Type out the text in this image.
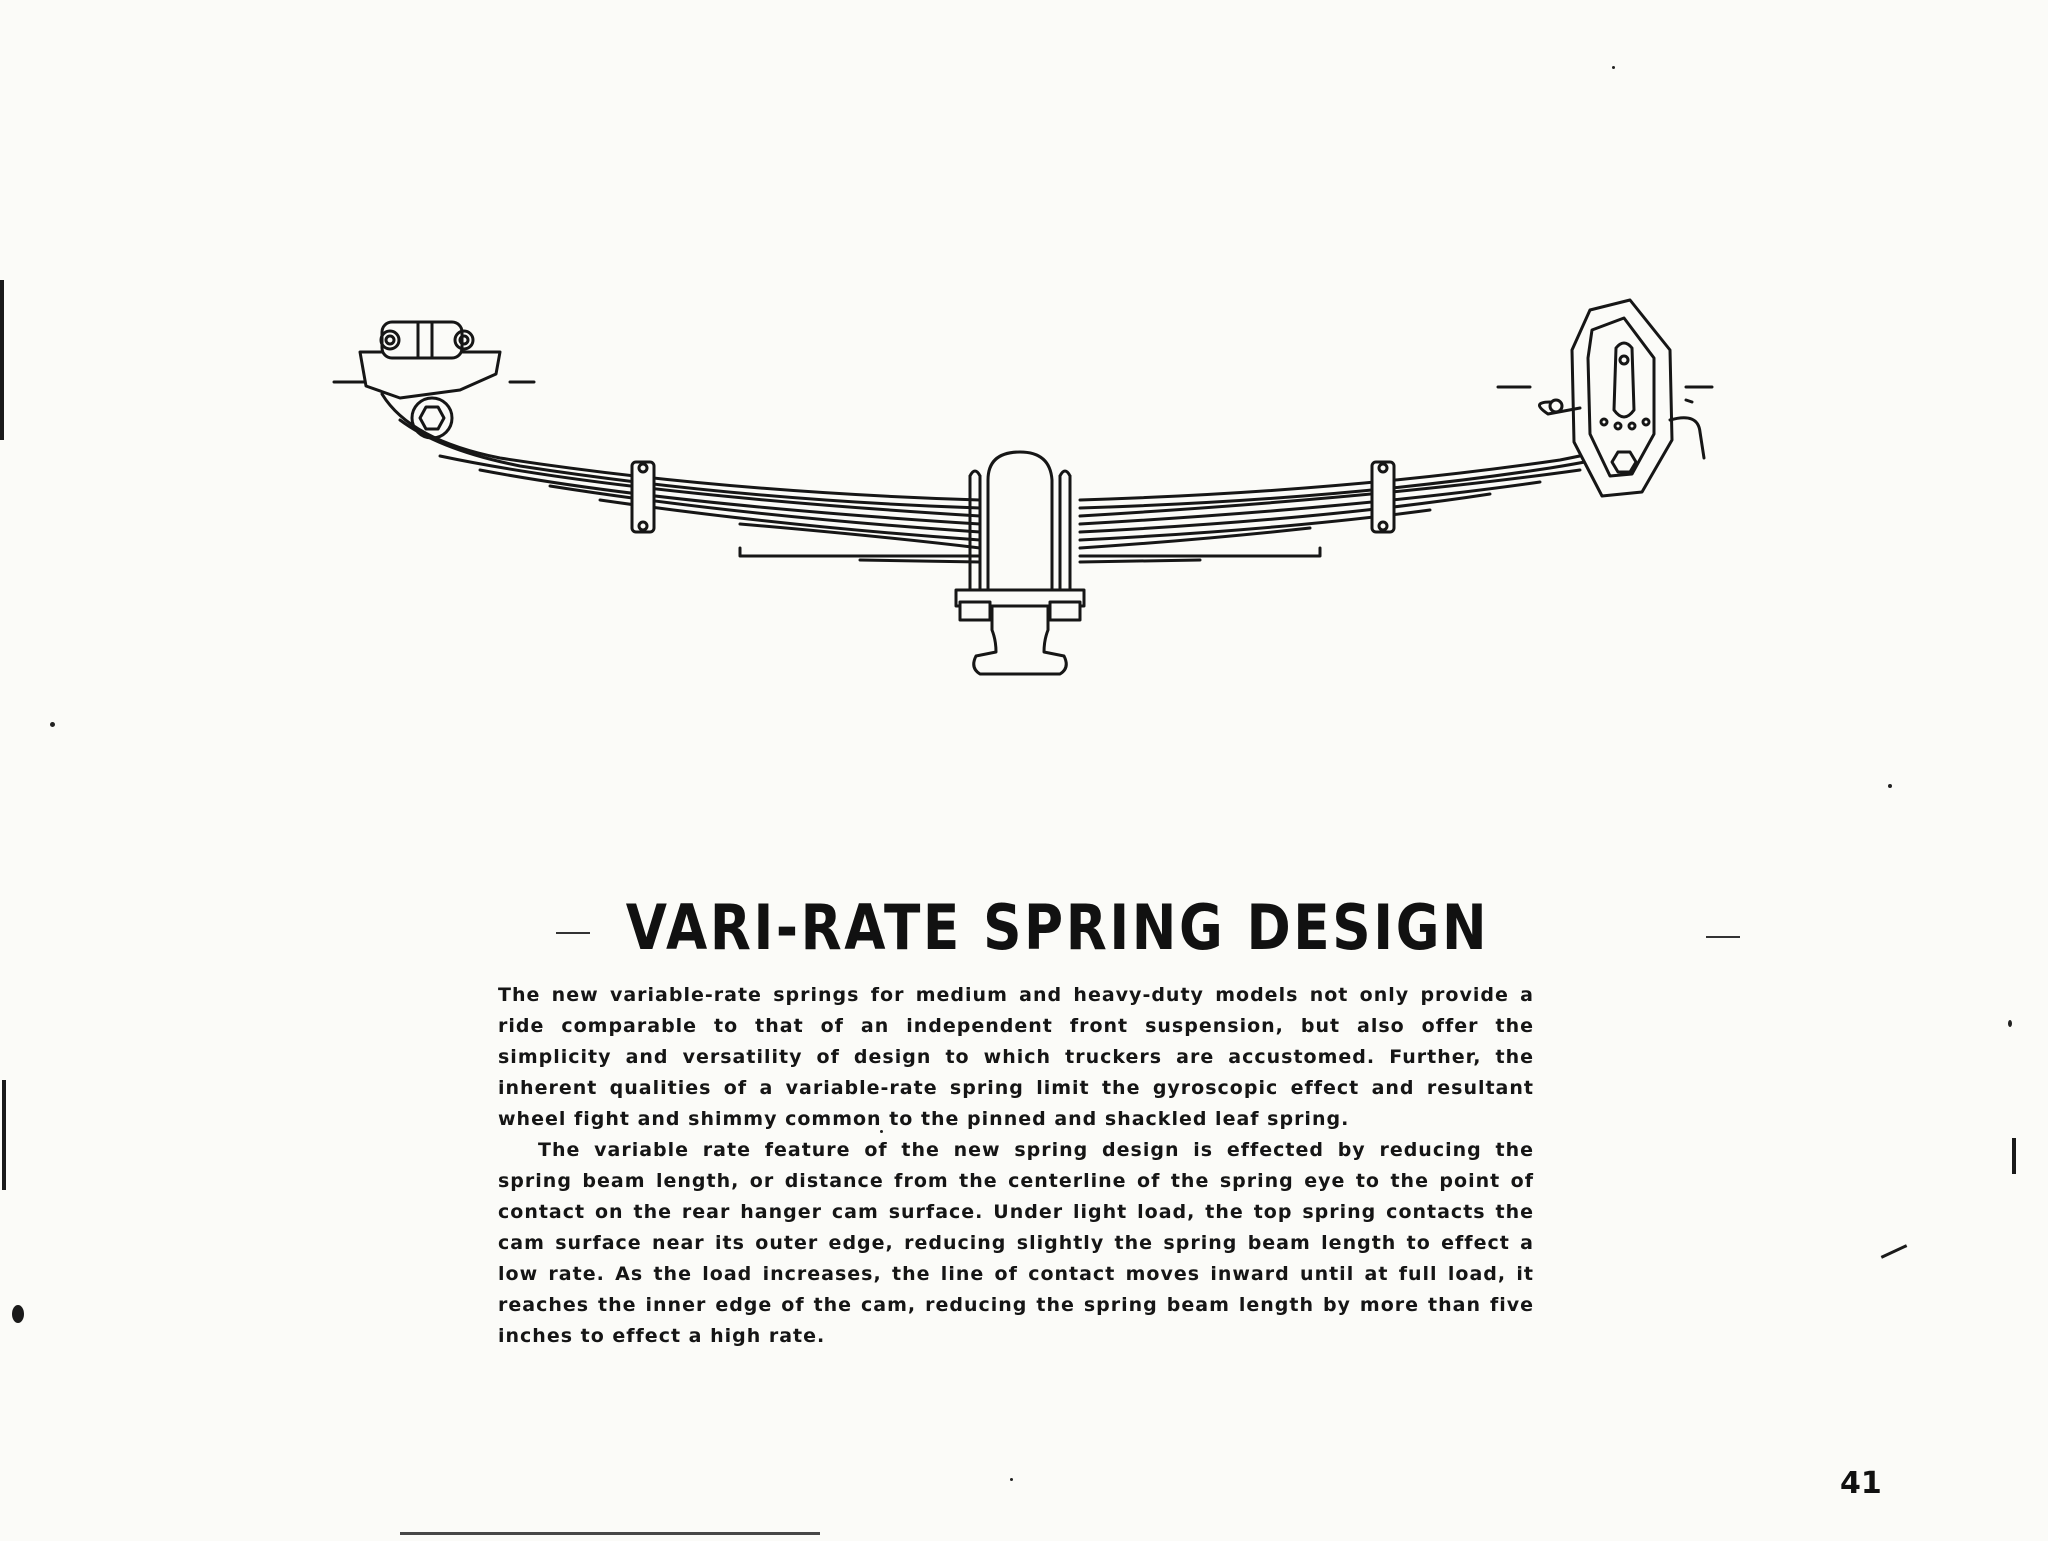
VARI-RATE SPRING DESIGN

The new variable-rate springs for medium and heavy-duty models not only provide a ride comparable to that of an independent front suspension, but also offer the simplicity and versatility of design to which truckers are accustomed. Further, the inherent qualities of a variable-rate spring limit the gyroscopic effect and resultant wheel fight and shimmy common to the pinned and shackled leaf spring.

The variable rate feature of the new spring design is effected by reducing the spring beam length, or distance from the centerline of the spring eye to the point of contact on the rear hanger cam surface. Under light load, the top spring contacts the cam surface near its outer edge, reducing slightly the spring beam length to effect a low rate. As the load increases, the line of contact moves inward until at full load, it reaches the inner edge of the cam, reducing the spring beam length by more than five inches to effect a high rate.

41
